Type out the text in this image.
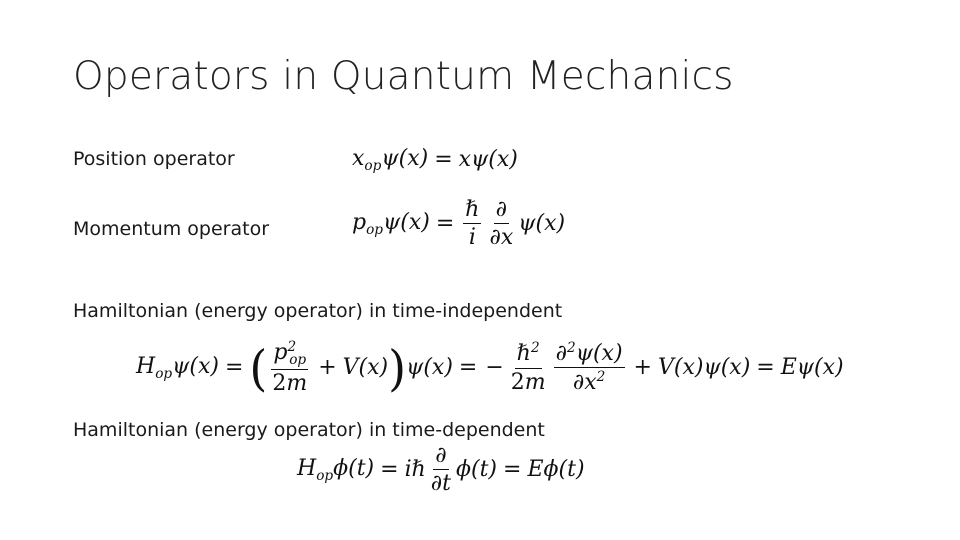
Operators in Quantum Mechanics
Position operator	$x_{op}\psi(x) = x\psi(x)$
Momentum operator	$p_{op}\psi(x) = \frac{\text{ℏ}}{i} \frac{\partial}{\partial x} \psi(x)$
Hamiltonian (energy operator) in time-independent
$H_{op}\psi(x)$ = ( $\frac{p^2_{op}}{2m} + V(x)$ ) ψ(x) = − $\frac{\hbar^2}{2m} \frac{\partial^2\psi(x)}{\partial x^2} + V(x)\psi(x) = E\psi(x)$
Hamiltonian (energy operator) in time-dependent
$H_{op}\phi(t)$ = iℏ $\frac{\partial}{\partial t} \phi(t) = E\phi(t)$
